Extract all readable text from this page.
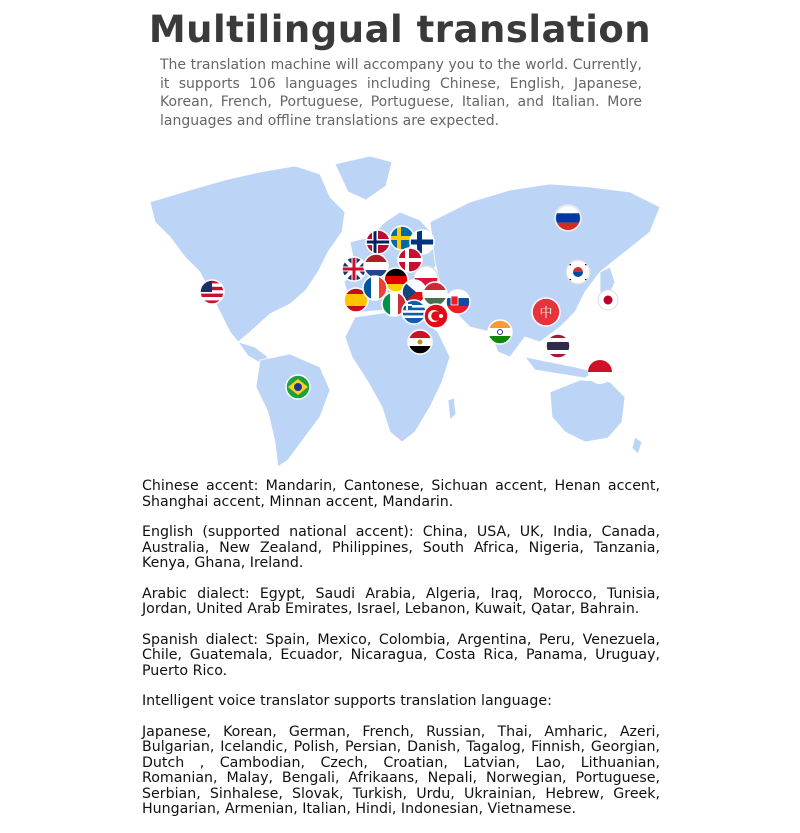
Multilingual translation
The translation machine will accompany you to the world. Currently, it supports 106 languages including Chinese, English, Japanese, Korean, French, Portuguese, Portuguese, Italian, and Italian. More languages and offline translations are expected.
中

Chinese accent: Mandarin, Cantonese, Sichuan accent, Henan accent, Shanghai accent, Minnan accent, Mandarin.

English (supported national accent): China, USA, UK, India, Canada, Australia, New Zealand, Philippines, South Africa, Nigeria, Tanzania, Kenya, Ghana, Ireland.

Arabic dialect: Egypt, Saudi Arabia, Algeria, Iraq, Morocco, Tunisia, Jordan, United Arab Emirates, Israel, Lebanon, Kuwait, Qatar, Bahrain.

Spanish dialect: Spain, Mexico, Colombia, Argentina, Peru, Venezuela, Chile, Guatemala, Ecuador, Nicaragua, Costa Rica, Panama, Uruguay, Puerto Rico.

Intelligent voice translator supports translation language:

Japanese, Korean, German, French, Russian, Thai, Amharic, Azeri, Bulgarian, Icelandic, Polish, Persian, Danish, Tagalog, Finnish, Georgian, Dutch , Cambodian, Czech, Croatian, Latvian, Lao, Lithuanian, Romanian, Malay, Bengali, Afrikaans, Nepali, Norwegian, Portuguese, Serbian, Sinhalese, Slovak, Turkish, Urdu, Ukrainian, Hebrew, Greek, Hungarian, Armenian, Italian, Hindi, Indonesian, Vietnamese.
